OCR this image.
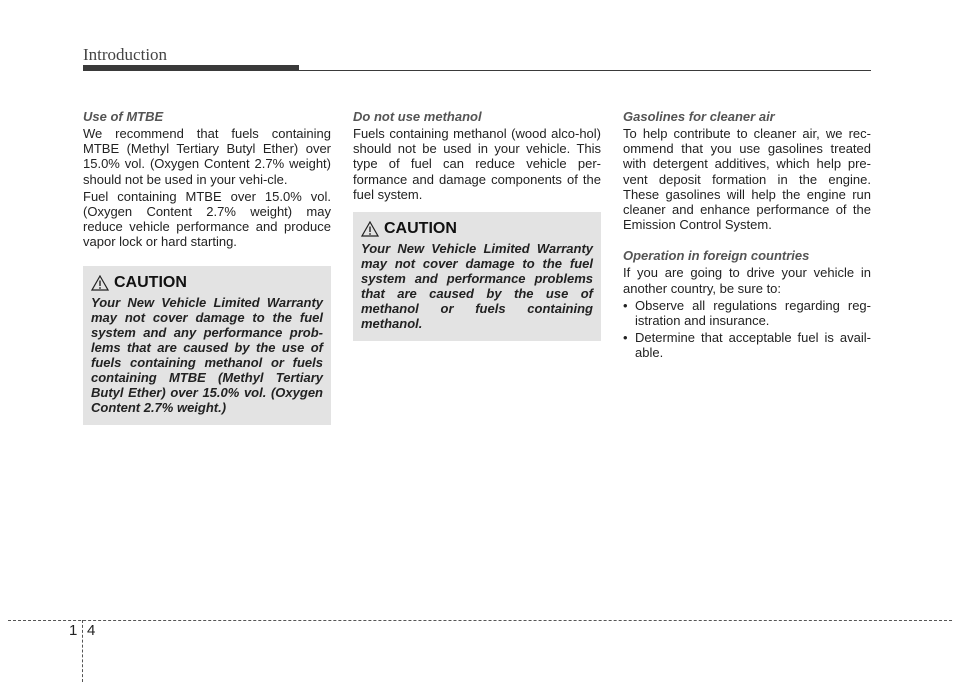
Introduction
Use of MTBE

We recommend that fuels containing MTBE (Methyl Tertiary Butyl Ether) over 15.0% vol. (Oxygen Content 2.7% weight) should not be used in your vehi-cle.

Fuel containing MTBE over 15.0% vol. (Oxygen Content 2.7% weight) may reduce vehicle performance and produce vapor lock or hard starting.

CAUTION
Your New Vehicle Limited Warranty may not cover damage to the fuel system and any performance prob-lems that are caused by the use of fuels containing methanol or fuels containing MTBE (Methyl Tertiary Butyl Ether) over 15.0% vol. (Oxygen Content 2.7% weight.)
Do not use methanol

Fuels containing methanol (wood alco-hol) should not be used in your vehicle. This type of fuel can reduce vehicle per-formance and damage components of the fuel system.

CAUTION
Your New Vehicle Limited Warranty may not cover damage to the fuel system and performance problems that are caused by the use of methanol or fuels containing methanol.
Gasolines for cleaner air

To help contribute to cleaner air, we rec-ommend that you use gasolines treated with detergent additives, which help pre-vent deposit formation in the engine. These gasolines will help the engine run cleaner and enhance performance of the Emission Control System.

Operation in foreign countries

If you are going to drive your vehicle in another country, be sure to:

• Observe all regulations regarding reg-istration and insurance.
• Determine that acceptable fuel is avail-able.
1 4
